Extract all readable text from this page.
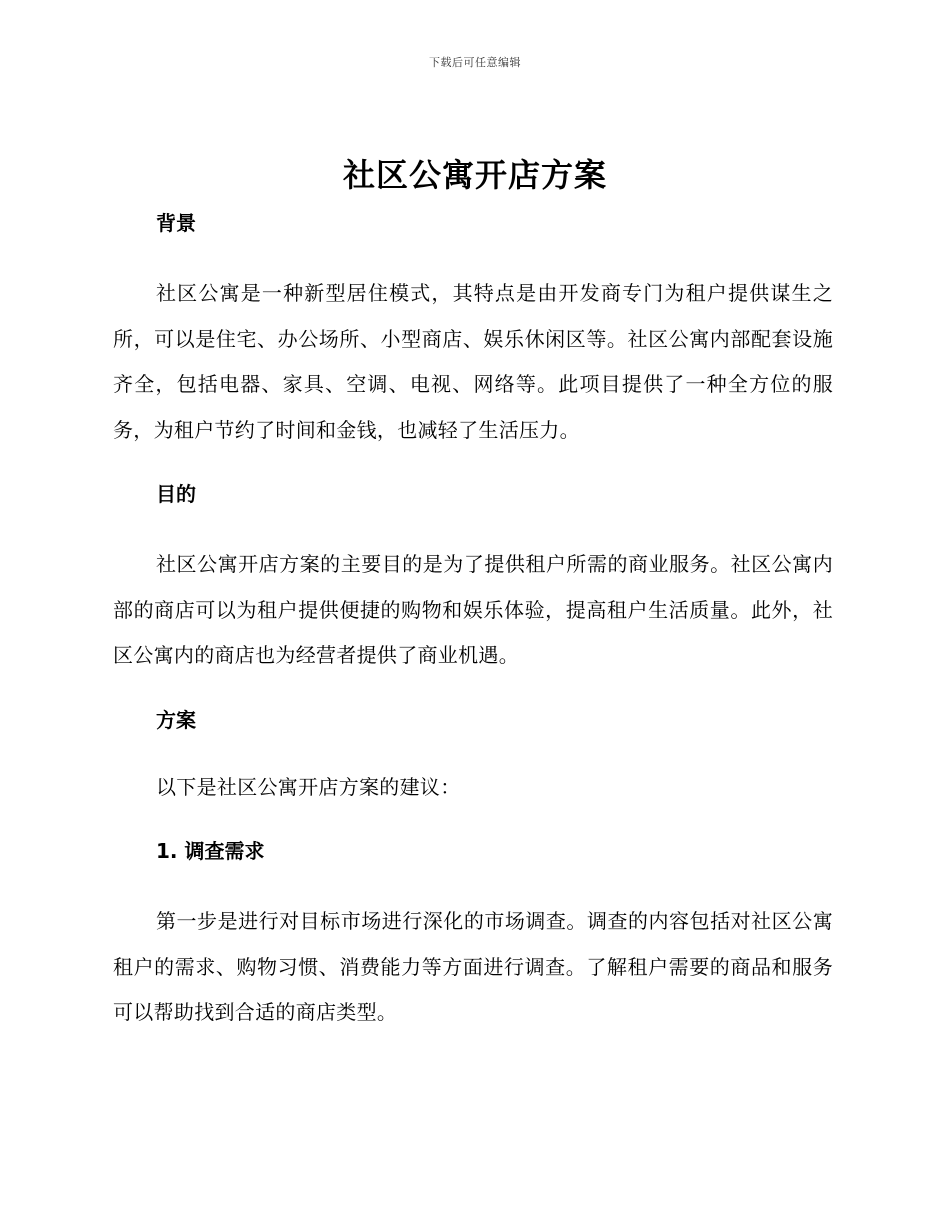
下载后可任意编辑
社区公寓开店方案
背景

社区公寓是一种新型居住模式，其特点是由开发商专门为租户提供谋生之所，可以是住宅、办公场所、小型商店、娱乐休闲区等。社区公寓内部配套设施齐全，包括电器、家具、空调、电视、网络等。此项目提供了一种全方位的服务，为租户节约了时间和金钱，也减轻了生活压力。

目的

社区公寓开店方案的主要目的是为了提供租户所需的商业服务。社区公寓内部的商店可以为租户提供便捷的购物和娱乐体验，提高租户生活质量。此外，社区公寓内的商店也为经营者提供了商业机遇。

方案

以下是社区公寓开店方案的建议：

1. 调查需求

第一步是进行对目标市场进行深化的市场调查。调查的内容包括对社区公寓租户的需求、购物习惯、消费能力等方面进行调查。了解租户需要的商品和服务可以帮助找到合适的商店类型。
